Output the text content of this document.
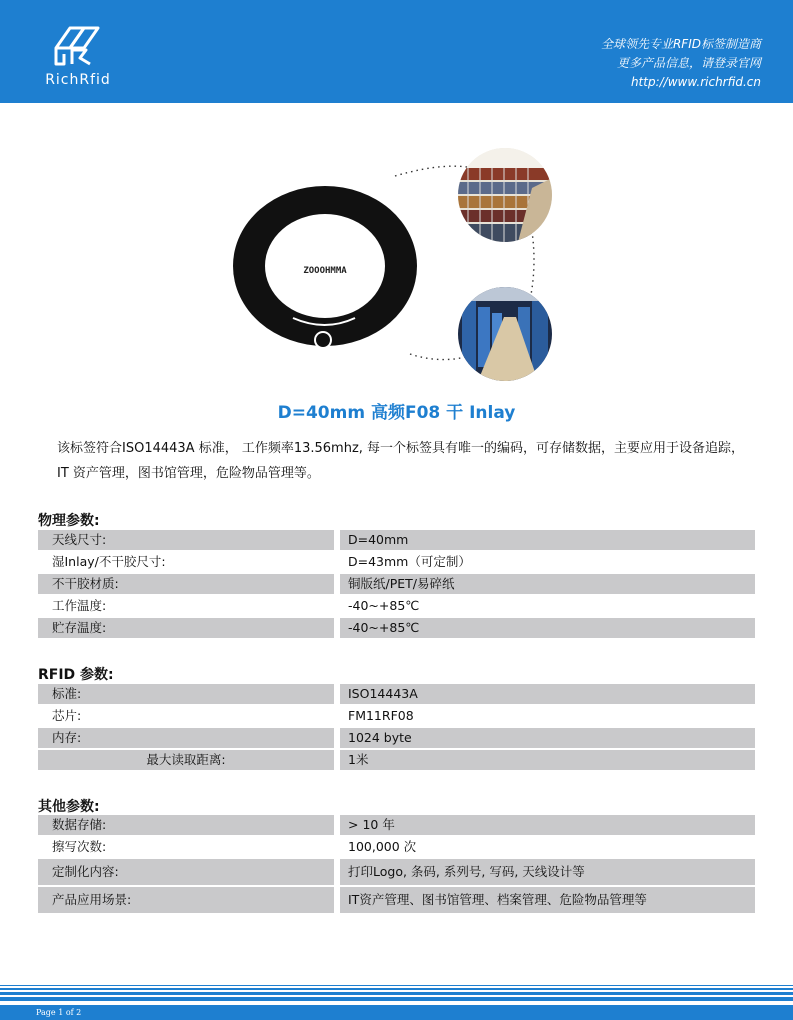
RichRfid
全球领先专业RFID标签制造商
更多产品信息，请登录官网
http://www.richrfid.cn
ZOOOHMMA
D=40mm 高频F08 干 Inlay
该标签符合ISO14443A 标准， 工作频率13.56mhz, 每一个标签具有唯一的编码，可存储数据，主要应用于设备追踪，IT 资产管理，图书馆管理，危险物品管理等。
物理参数:
天线尺寸:	D=40mm
湿Inlay/不干胶尺寸:	D=43mm（可定制）
不干胶材质:	铜版纸/PET/易碎纸
工作温度:	-40~+85℃
贮存温度:	-40~+85℃
RFID 参数:
标准:	ISO14443A
芯片:	FM11RF08
内存:	1024 byte
最大读取距离:	1米
其他参数:
数据存储:	> 10 年
擦写次数:	100,000 次
定制化内容:	打印Logo, 条码, 系列号, 写码, 天线设计等
产品应用场景:	IT资产管理、图书馆管理、档案管理、危险物品管理等
Page 1 of 2
